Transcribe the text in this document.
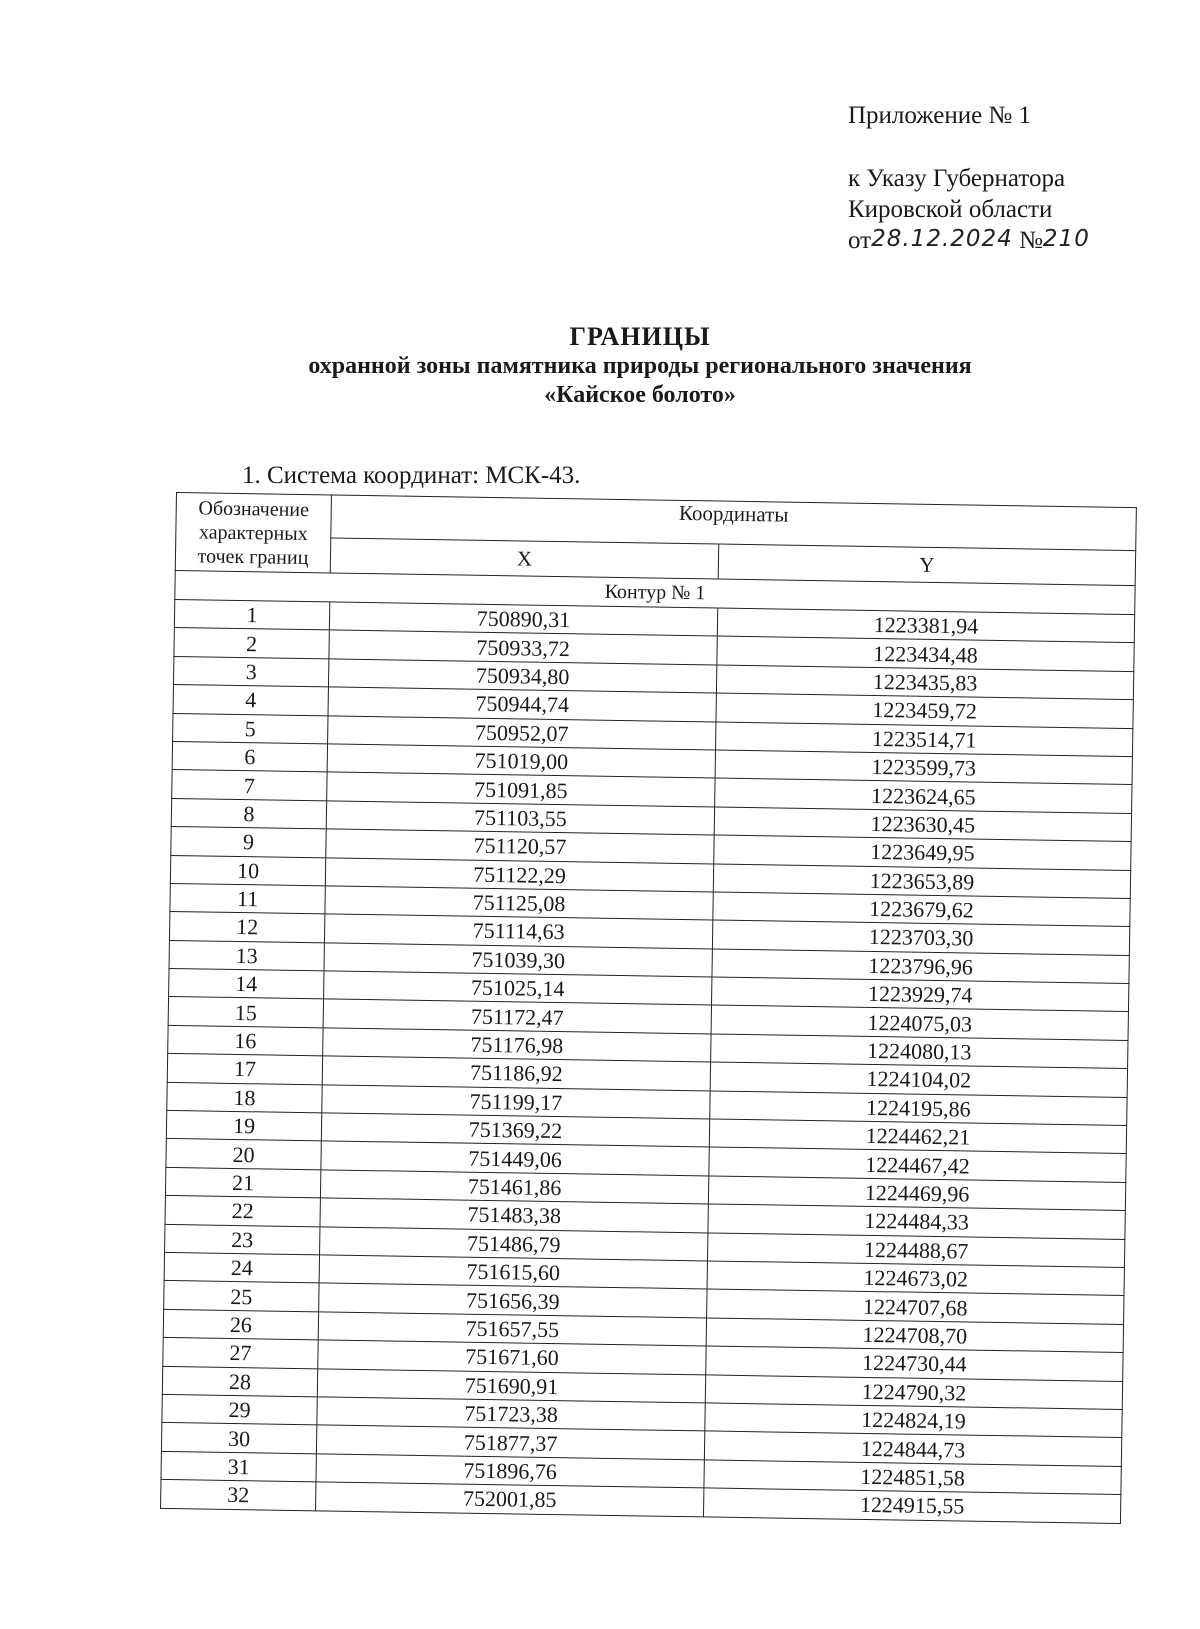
Приложение № 1
к Указу Губернатора
Кировской области
от28.12.2024 №210
ГРАНИЦЫ
охранной зоны памятника природы регионального значения
«Кайское болото»
1. Система координат: МСК-43.
Обозначение характерных точек границ	Координаты	
	X	Y
Контур № 1		
1	750890,31	1223381,94
2	750933,72	1223434,48
3	750934,80	1223435,83
4	750944,74	1223459,72
5	750952,07	1223514,71
6	751019,00	1223599,73
7	751091,85	1223624,65
8	751103,55	1223630,45
9	751120,57	1223649,95
10	751122,29	1223653,89
11	751125,08	1223679,62
12	751114,63	1223703,30
13	751039,30	1223796,96
14	751025,14	1223929,74
15	751172,47	1224075,03
16	751176,98	1224080,13
17	751186,92	1224104,02
18	751199,17	1224195,86
19	751369,22	1224462,21
20	751449,06	1224467,42
21	751461,86	1224469,96
22	751483,38	1224484,33
23	751486,79	1224488,67
24	751615,60	1224673,02
25	751656,39	1224707,68
26	751657,55	1224708,70
27	751671,60	1224730,44
28	751690,91	1224790,32
29	751723,38	1224824,19
30	751877,37	1224844,73
31	751896,76	1224851,58
32	752001,85	1224915,55
